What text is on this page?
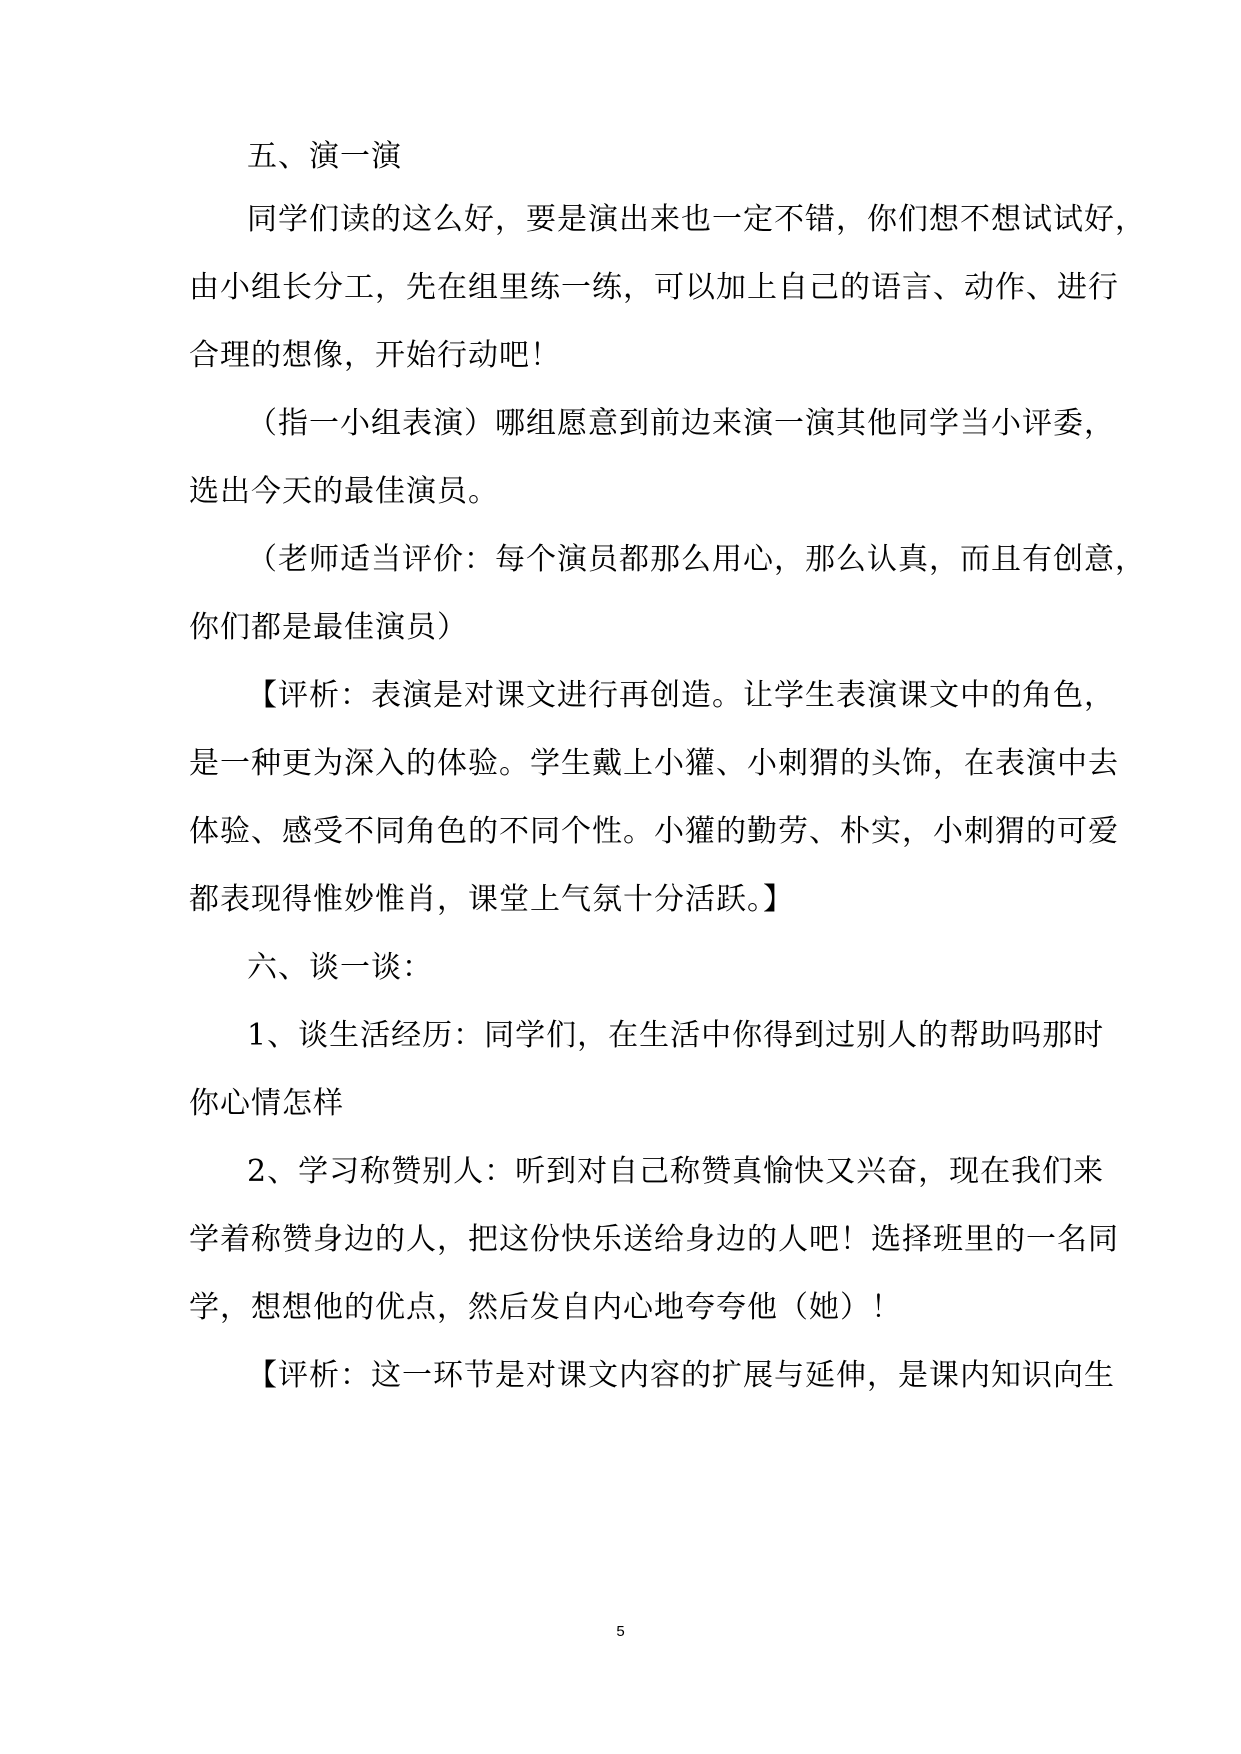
五、演一演
同学们读的这么好，要是演出来也一定不错，你们想不想试试好，
由小组长分工，先在组里练一练，可以加上自己的语言、动作、进行
合理的想像，开始行动吧！
（指一小组表演）哪组愿意到前边来演一演其他同学当小评委，
选出今天的最佳演员。
（老师适当评价：每个演员都那么用心，那么认真，而且有创意，
你们都是最佳演员）
【评析：表演是对课文进行再创造。让学生表演课文中的角色，
是一种更为深入的体验。学生戴上小獾、小刺猬的头饰，在表演中去
体验、感受不同角色的不同个性。小獾的勤劳、朴实，小刺猬的可爱
都表现得惟妙惟肖，课堂上气氛十分活跃。】
六、谈一谈：
1、谈生活经历：同学们，在生活中你得到过别人的帮助吗那时
你心情怎样
2、学习称赞别人：听到对自己称赞真愉快又兴奋，现在我们来
学着称赞身边的人，把这份快乐送给身边的人吧！选择班里的一名同
学，想想他的优点，然后发自内心地夸夸他（她）！
【评析：这一环节是对课文内容的扩展与延伸，是课内知识向生
5
